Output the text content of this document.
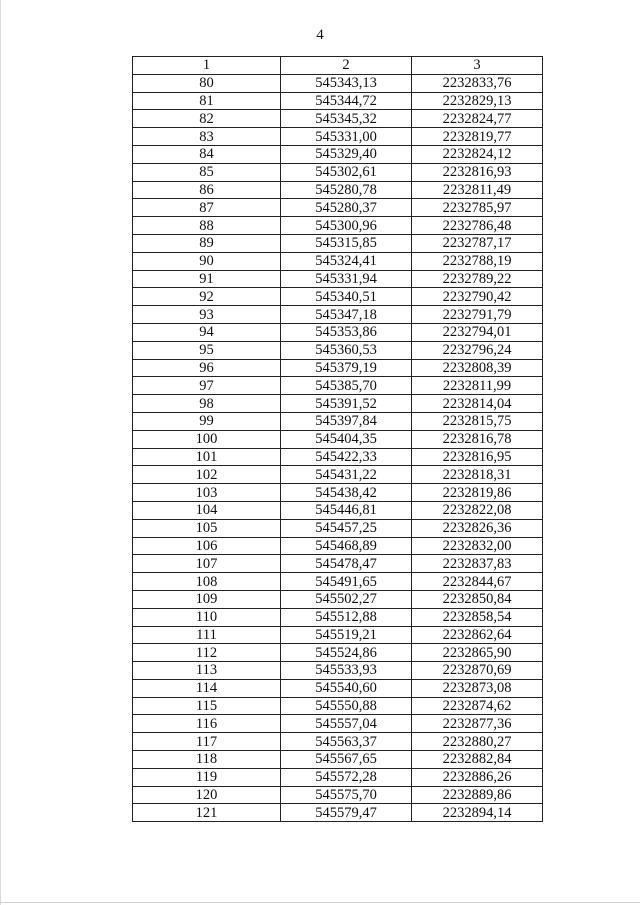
4
1	2	3
80	545343,13	2232833,76
81	545344,72	2232829,13
82	545345,32	2232824,77
83	545331,00	2232819,77
84	545329,40	2232824,12
85	545302,61	2232816,93
86	545280,78	2232811,49
87	545280,37	2232785,97
88	545300,96	2232786,48
89	545315,85	2232787,17
90	545324,41	2232788,19
91	545331,94	2232789,22
92	545340,51	2232790,42
93	545347,18	2232791,79
94	545353,86	2232794,01
95	545360,53	2232796,24
96	545379,19	2232808,39
97	545385,70	2232811,99
98	545391,52	2232814,04
99	545397,84	2232815,75
100	545404,35	2232816,78
101	545422,33	2232816,95
102	545431,22	2232818,31
103	545438,42	2232819,86
104	545446,81	2232822,08
105	545457,25	2232826,36
106	545468,89	2232832,00
107	545478,47	2232837,83
108	545491,65	2232844,67
109	545502,27	2232850,84
110	545512,88	2232858,54
111	545519,21	2232862,64
112	545524,86	2232865,90
113	545533,93	2232870,69
114	545540,60	2232873,08
115	545550,88	2232874,62
116	545557,04	2232877,36
117	545563,37	2232880,27
118	545567,65	2232882,84
119	545572,28	2232886,26
120	545575,70	2232889,86
121	545579,47	2232894,14
